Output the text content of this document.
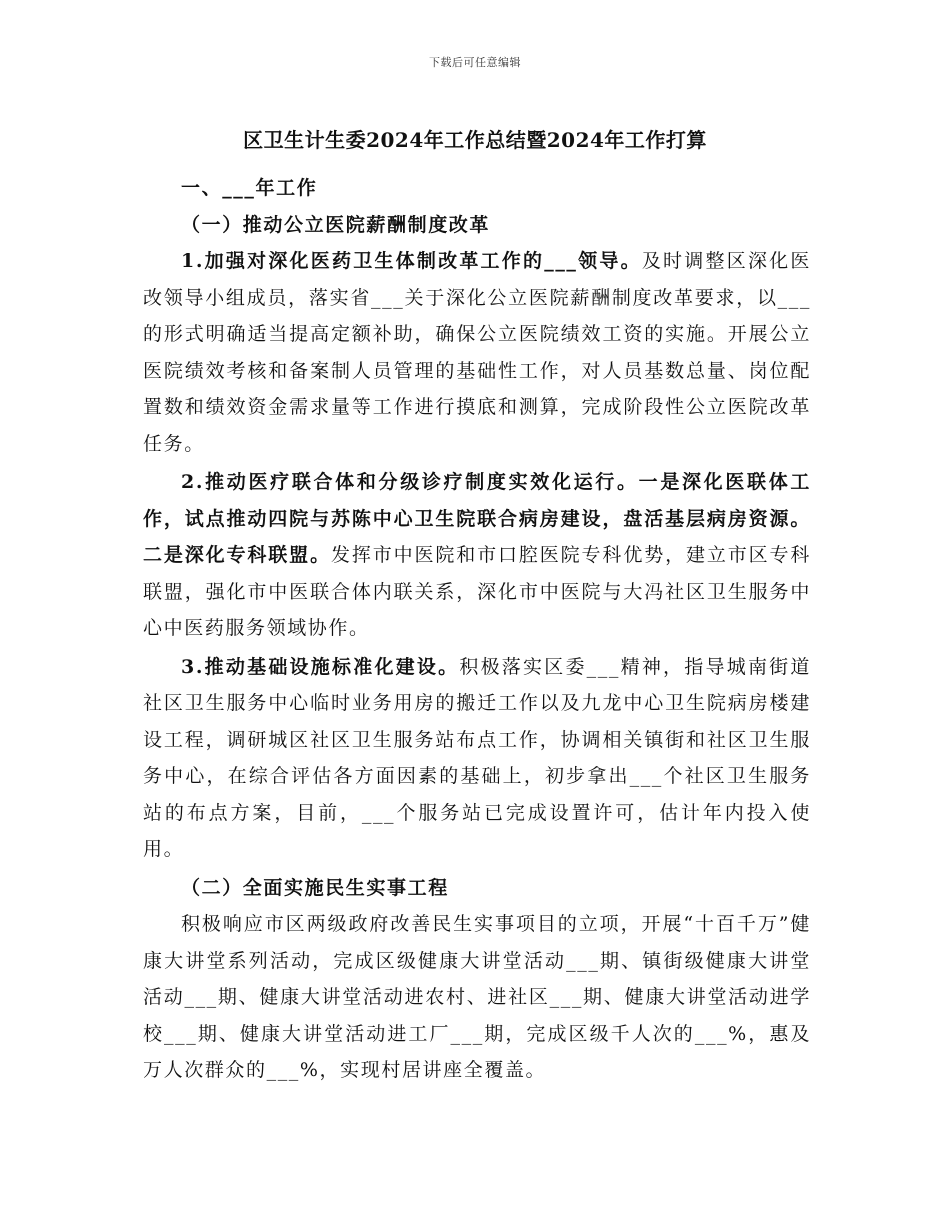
下载后可任意编辑
区卫生计生委2024年工作总结暨2024年工作打算

一、___年工作

（一）推动公立医院薪酬制度改革

1.加强对深化医药卫生体制改革工作的___领导。及时调整区深化医改领导小组成员，落实省___关于深化公立医院薪酬制度改革要求，以___的形式明确适当提高定额补助，确保公立医院绩效工资的实施。开展公立医院绩效考核和备案制人员管理的基础性工作，对人员基数总量、岗位配置数和绩效资金需求量等工作进行摸底和测算，完成阶段性公立医院改革任务。

2.推动医疗联合体和分级诊疗制度实效化运行。一是深化医联体工作，试点推动四院与苏陈中心卫生院联合病房建设，盘活基层病房资源。二是深化专科联盟。发挥市中医院和市口腔医院专科优势，建立市区专科联盟，强化市中医联合体内联关系，深化市中医院与大冯社区卫生服务中心中医药服务领域协作。

3.推动基础设施标准化建设。积极落实区委___精神，指导城南街道社区卫生服务中心临时业务用房的搬迁工作以及九龙中心卫生院病房楼建设工程，调研城区社区卫生服务站布点工作，协调相关镇街和社区卫生服务中心，在综合评估各方面因素的基础上，初步拿出___个社区卫生服务站的布点方案，目前，___个服务站已完成设置许可，估计年内投入使用。

（二）全面实施民生实事工程

积极响应市区两级政府改善民生实事项目的立项，开展“十百千万”健康大讲堂系列活动，完成区级健康大讲堂活动___期、镇街级健康大讲堂活动___期、健康大讲堂活动进农村、进社区___期、健康大讲堂活动进学校___期、健康大讲堂活动进工厂___期，完成区级千人次的___%，惠及万人次群众的___%，实现村居讲座全覆盖。
